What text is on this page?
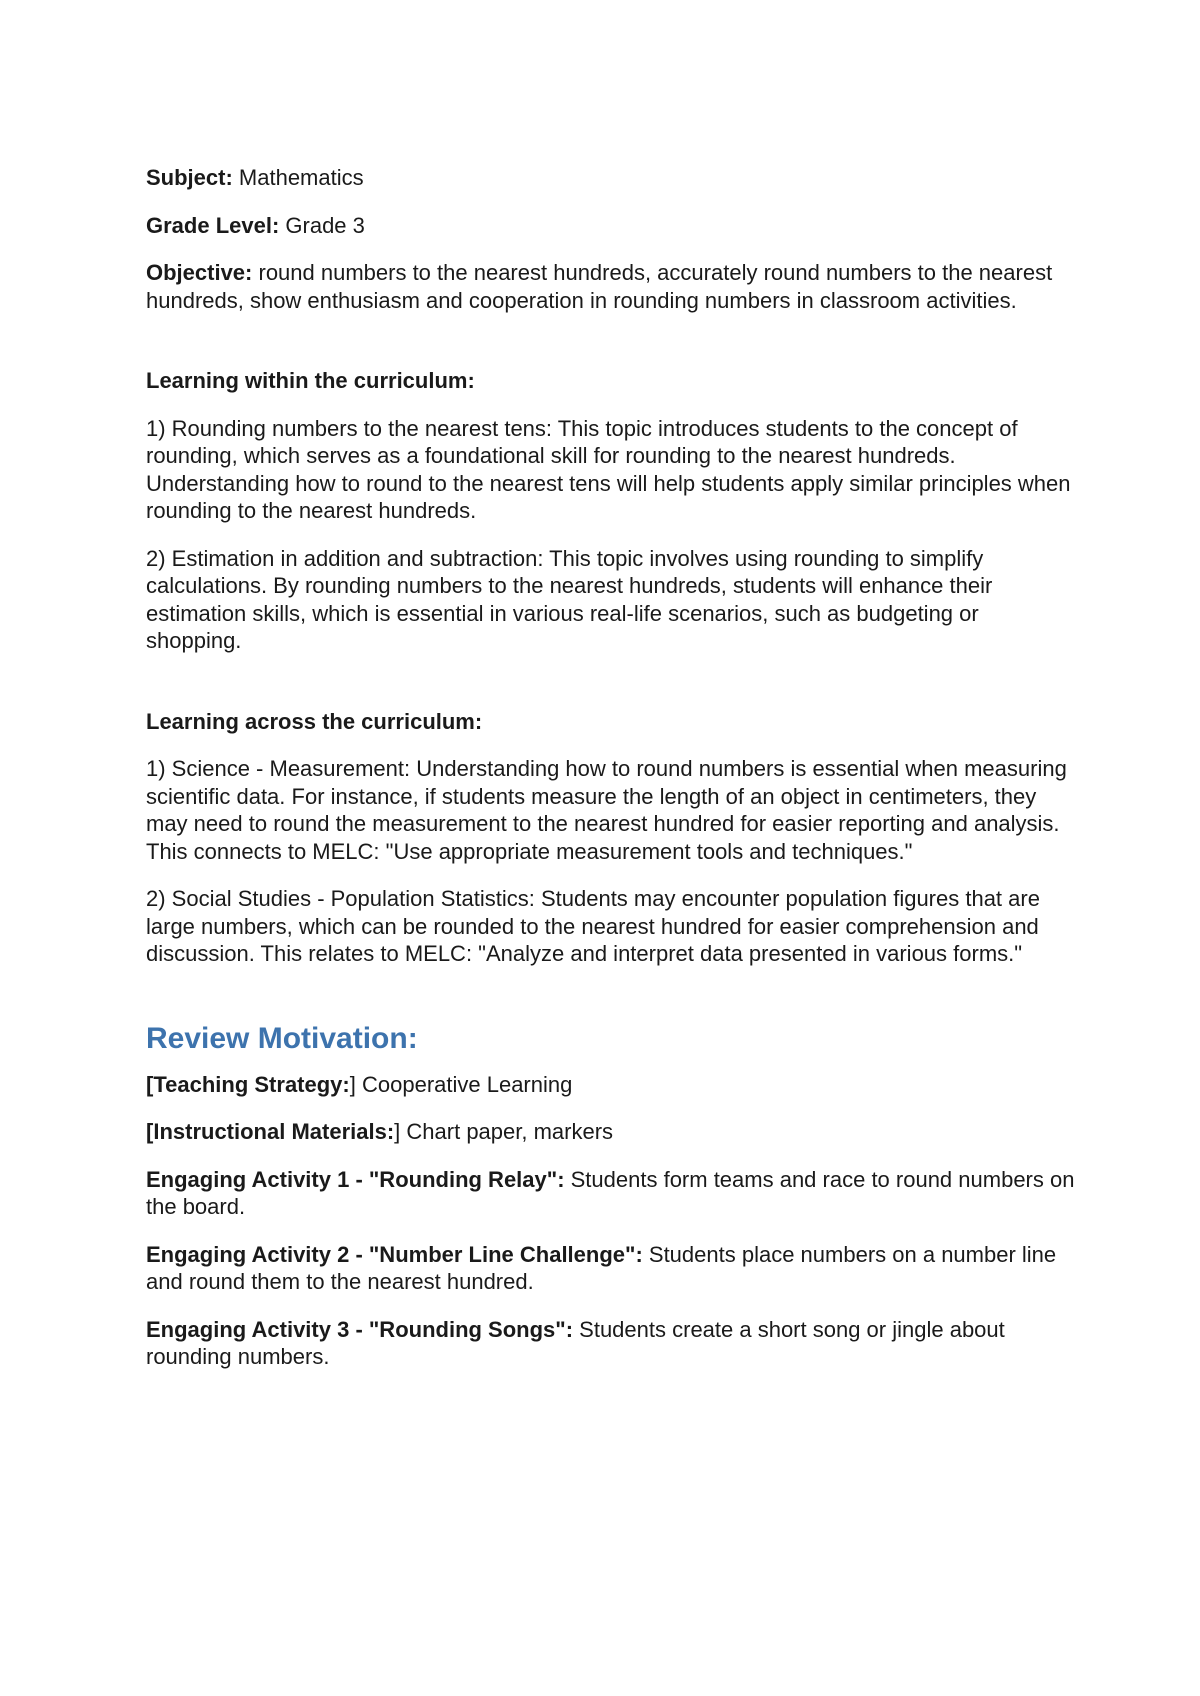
Subject: Mathematics

Grade Level: Grade 3

Objective: round numbers to the nearest hundreds, accurately round numbers to the nearest hundreds, show enthusiasm and cooperation in rounding numbers in classroom activities.

Learning within the curriculum:

1) Rounding numbers to the nearest tens: This topic introduces students to the concept of rounding, which serves as a foundational skill for rounding to the nearest hundreds. Understanding how to round to the nearest tens will help students apply similar principles when rounding to the nearest hundreds.

2) Estimation in addition and subtraction: This topic involves using rounding to simplify calculations. By rounding numbers to the nearest hundreds, students will enhance their estimation skills, which is essential in various real-life scenarios, such as budgeting or shopping.

Learning across the curriculum:

1) Science - Measurement: Understanding how to round numbers is essential when measuring scientific data. For instance, if students measure the length of an object in centimeters, they may need to round the measurement to the nearest hundred for easier reporting and analysis. This connects to MELC: "Use appropriate measurement tools and techniques."

2) Social Studies - Population Statistics: Students may encounter population figures that are large numbers, which can be rounded to the nearest hundred for easier comprehension and discussion. This relates to MELC: "Analyze and interpret data presented in various forms."

Review Motivation:

[Teaching Strategy:] Cooperative Learning

[Instructional Materials:] Chart paper, markers

Engaging Activity 1 - "Rounding Relay": Students form teams and race to round numbers on the board.

Engaging Activity 2 - "Number Line Challenge": Students place numbers on a number line and round them to the nearest hundred.

Engaging Activity 3 - "Rounding Songs": Students create a short song or jingle about rounding numbers.
